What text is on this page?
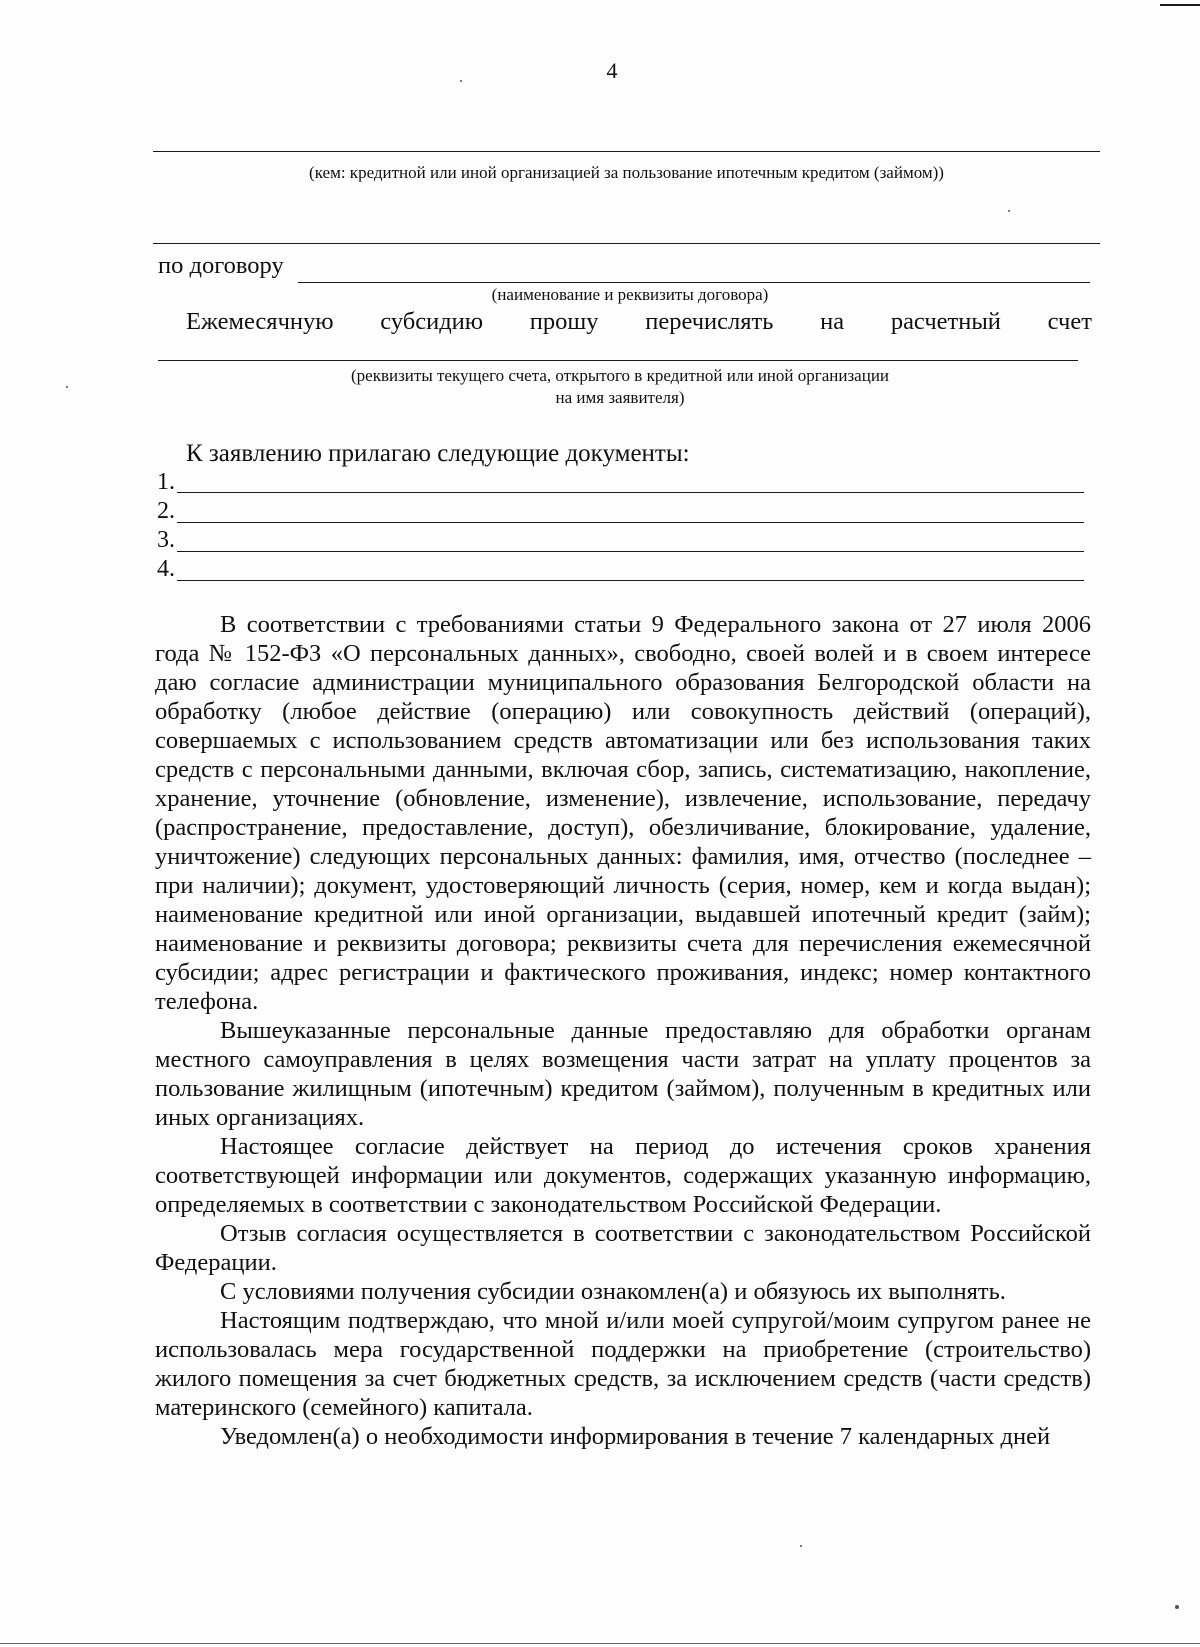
4
(кем: кредитной или иной организацией за пользование ипотечным кредитом (займом))
по договору
(наименование и реквизиты договора)
Ежемесячную субсидию прошу перечислять на расчетный счет
(реквизиты текущего счета, открытого в кредитной или иной организации
на имя заявителя)
К заявлению прилагаю следующие документы:
1.
2.
3.
4.

В соответствии с требованиями статьи 9 Федерального закона от 27 июля 2006 года № 152-ФЗ «О персональных данных», свободно, своей волей и в своем интересе даю согласие администрации муниципального образования Белгородской области на обработку (любое действие (операцию) или совокупность действий (операций), совершаемых с использованием средств автоматизации или без использования таких средств с персональными данными, включая сбор, запись, систематизацию, накопление, хранение, уточнение (обновление, изменение), извлечение, использование, передачу (распространение, предоставление, доступ), обезличивание, блокирование, удаление, уничтожение) следующих персональных данных: фамилия, имя, отчество (последнее – при наличии); документ, удостоверяющий личность (серия, номер, кем и когда выдан); наименование кредитной или иной организации, выдавшей ипотечный кредит (займ); наименование и реквизиты договора; реквизиты счета для перечисления ежемесячной субсидии; адрес регистрации и фактического проживания, индекс; номер контактного телефона.

Вышеуказанные персональные данные предоставляю для обработки органам местного самоуправления в целях возмещения части затрат на уплату процентов за пользование жилищным (ипотечным) кредитом (займом), полученным в кредитных или иных организациях.

Настоящее согласие действует на период до истечения сроков хранения соответствующей информации или документов, содержащих указанную информацию, определяемых в соответствии с законодательством Российской Федерации.

Отзыв согласия осуществляется в соответствии с законодательством Российской Федерации.

С условиями получения субсидии ознакомлен(а) и обязуюсь их выполнять.

Настоящим подтверждаю, что мной и/или моей супругой/моим супругом ранее не использовалась мера государственной поддержки на приобретение (строительство) жилого помещения за счет бюджетных средств, за исключением средств (части средств) материнского (семейного) капитала.

Уведомлен(а) о необходимости информирования в течение 7 календарных дней
